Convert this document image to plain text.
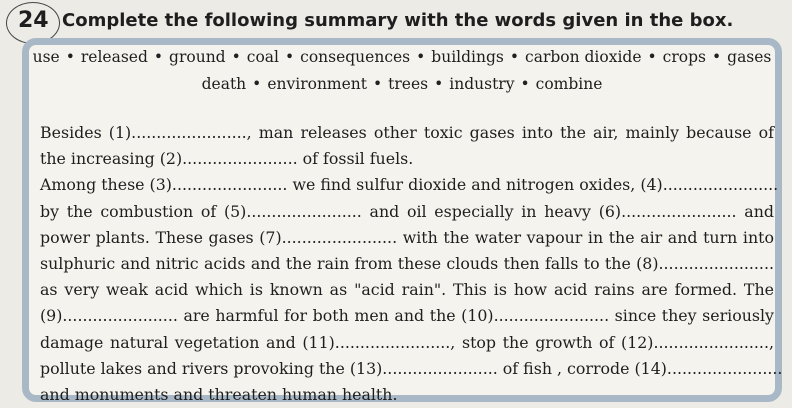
24 Complete the following summary with the words given in the box.
use • released • ground • coal • consequences • buildings • carbon dioxide • crops • gases
death • environment • trees • industry • combine
Besides (1)......................., man releases other toxic gases into the air, mainly because of
the increasing (2)....................... of fossil fuels.
Among these (3)....................... we find sulfur dioxide and nitrogen oxides, (4).......................
by the combustion of (5)....................... and oil especially in heavy (6)....................... and
power plants. These gases (7)....................... with the water vapour in the air and turn into
sulphuric and nitric acids and the rain from these clouds then falls to the (8).......................
as very weak acid which is known as "acid rain". This is how acid rains are formed. The
(9)....................... are harmful for both men and the (10)....................... since they seriously
damage natural vegetation and (11)......................., stop the growth of (12).......................,
pollute lakes and rivers provoking the (13)....................... of fish , corrode (14).......................
and monuments and threaten human health.
